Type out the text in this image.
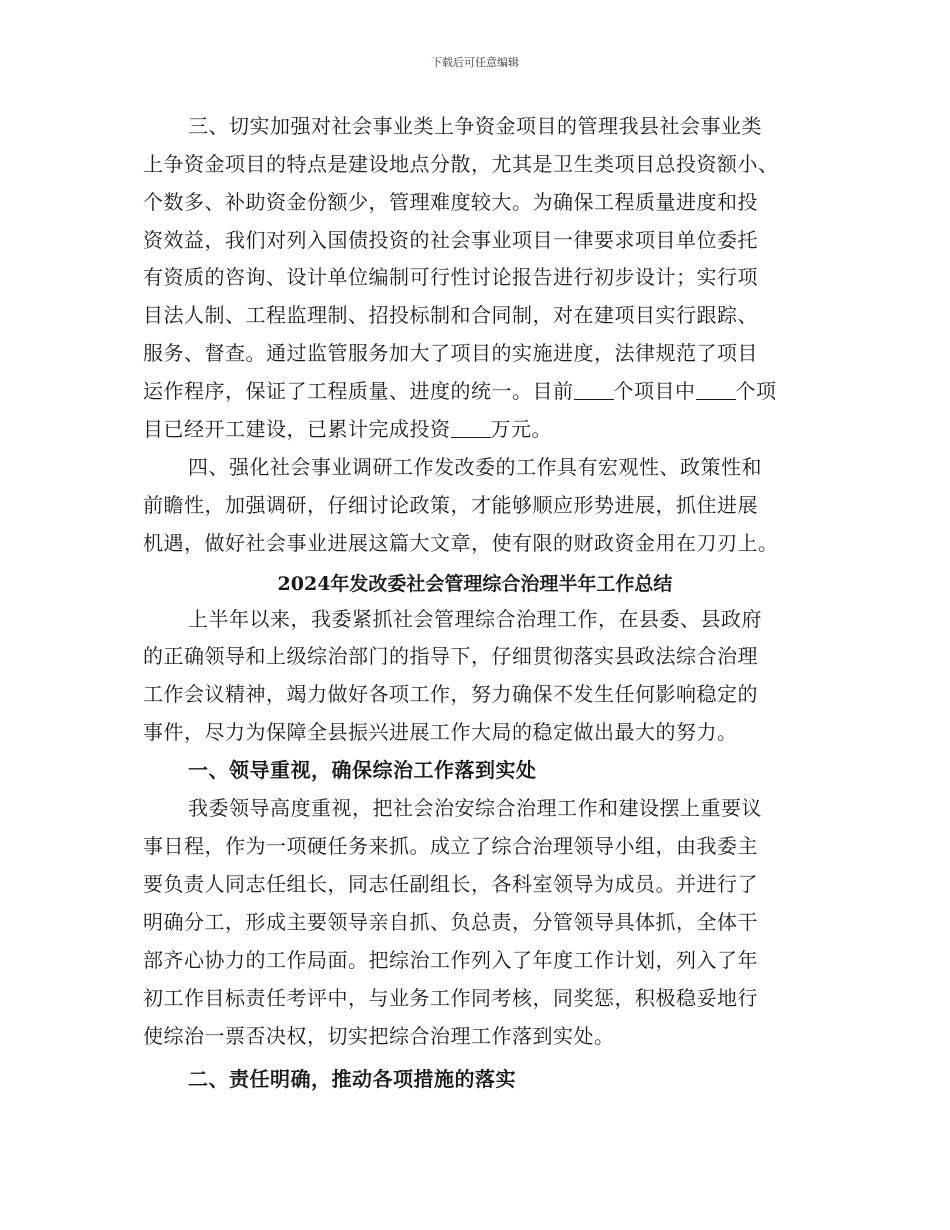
下载后可任意编辑
三、切实加强对社会事业类上争资金项目的管理我县社会事业类
上争资金项目的特点是建设地点分散，尤其是卫生类项目总投资额小、
个数多、补助资金份额少，管理难度较大。为确保工程质量进度和投
资效益，我们对列入国债投资的社会事业项目一律要求项目单位委托
有资质的咨询、设计单位编制可行性讨论报告进行初步设计；实行项
目法人制、工程监理制、招投标制和合同制，对在建项目实行跟踪、
服务、督查。通过监管服务加大了项目的实施进度，法律规范了项目
运作程序，保证了工程质量、进度的统一。目前 个项目中 个项
目已经开工建设，已累计完成投资 万元。
四、强化社会事业调研工作发改委的工作具有宏观性、政策性和
前瞻性，加强调研，仔细讨论政策，才能够顺应形势进展，抓住进展
机遇，做好社会事业进展这篇大文章，使有限的财政资金用在刀刃上。
2024年发改委社会管理综合治理半年工作总结
上半年以来，我委紧抓社会管理综合治理工作，在县委、县政府
的正确领导和上级综治部门的指导下，仔细贯彻落实县政法综合治理
工作会议精神，竭力做好各项工作，努力确保不发生任何影响稳定的
事件，尽力为保障全县振兴进展工作大局的稳定做出最大的努力。
一、领导重视，确保综治工作落到实处
我委领导高度重视，把社会治安综合治理工作和建设摆上重要议
事日程，作为一项硬任务来抓。成立了综合治理领导小组，由我委主
要负责人同志任组长，同志任副组长，各科室领导为成员。并进行了
明确分工，形成主要领导亲自抓、负总责，分管领导具体抓，全体干
部齐心协力的工作局面。把综治工作列入了年度工作计划，列入了年
初工作目标责任考评中，与业务工作同考核，同奖惩，积极稳妥地行
使综治一票否决权，切实把综合治理工作落到实处。
二、责任明确，推动各项措施的落实
